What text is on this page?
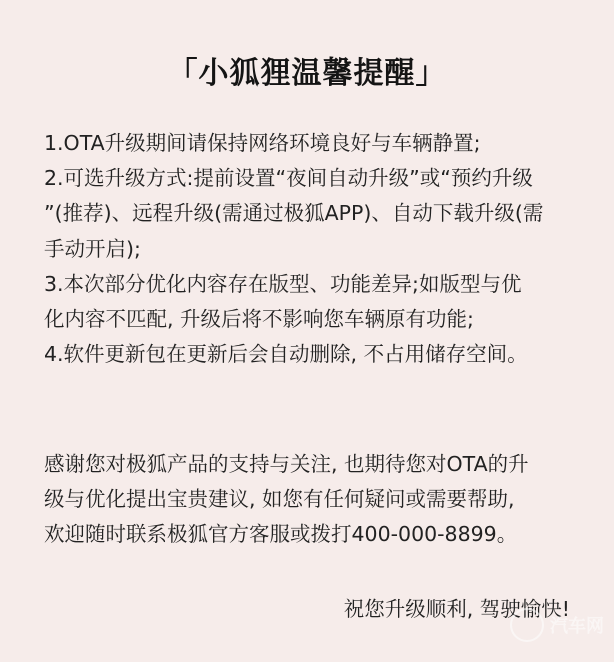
「小狐狸温馨提醒」
1.OTA升级期间请保持网络环境良好与车辆静置;
2.可选升级方式:提前设置“夜间自动升级”或“预约升级
”(推荐)、远程升级(需通过极狐APP)、自动下载升级(需
手动开启);
3.本次部分优化内容存在版型、功能差异;如版型与优
化内容不匹配, 升级后将不影响您车辆原有功能;
4.软件更新包在更新后会自动删除, 不占用储存空间。
感谢您对极狐产品的支持与关注, 也期待您对OTA的升
级与优化提出宝贵建议, 如您有任何疑问或需要帮助,
欢迎随时联系极狐官方客服或拨打400-000-8899。
祝您升级顺利, 驾驶愉快!
汽车网
